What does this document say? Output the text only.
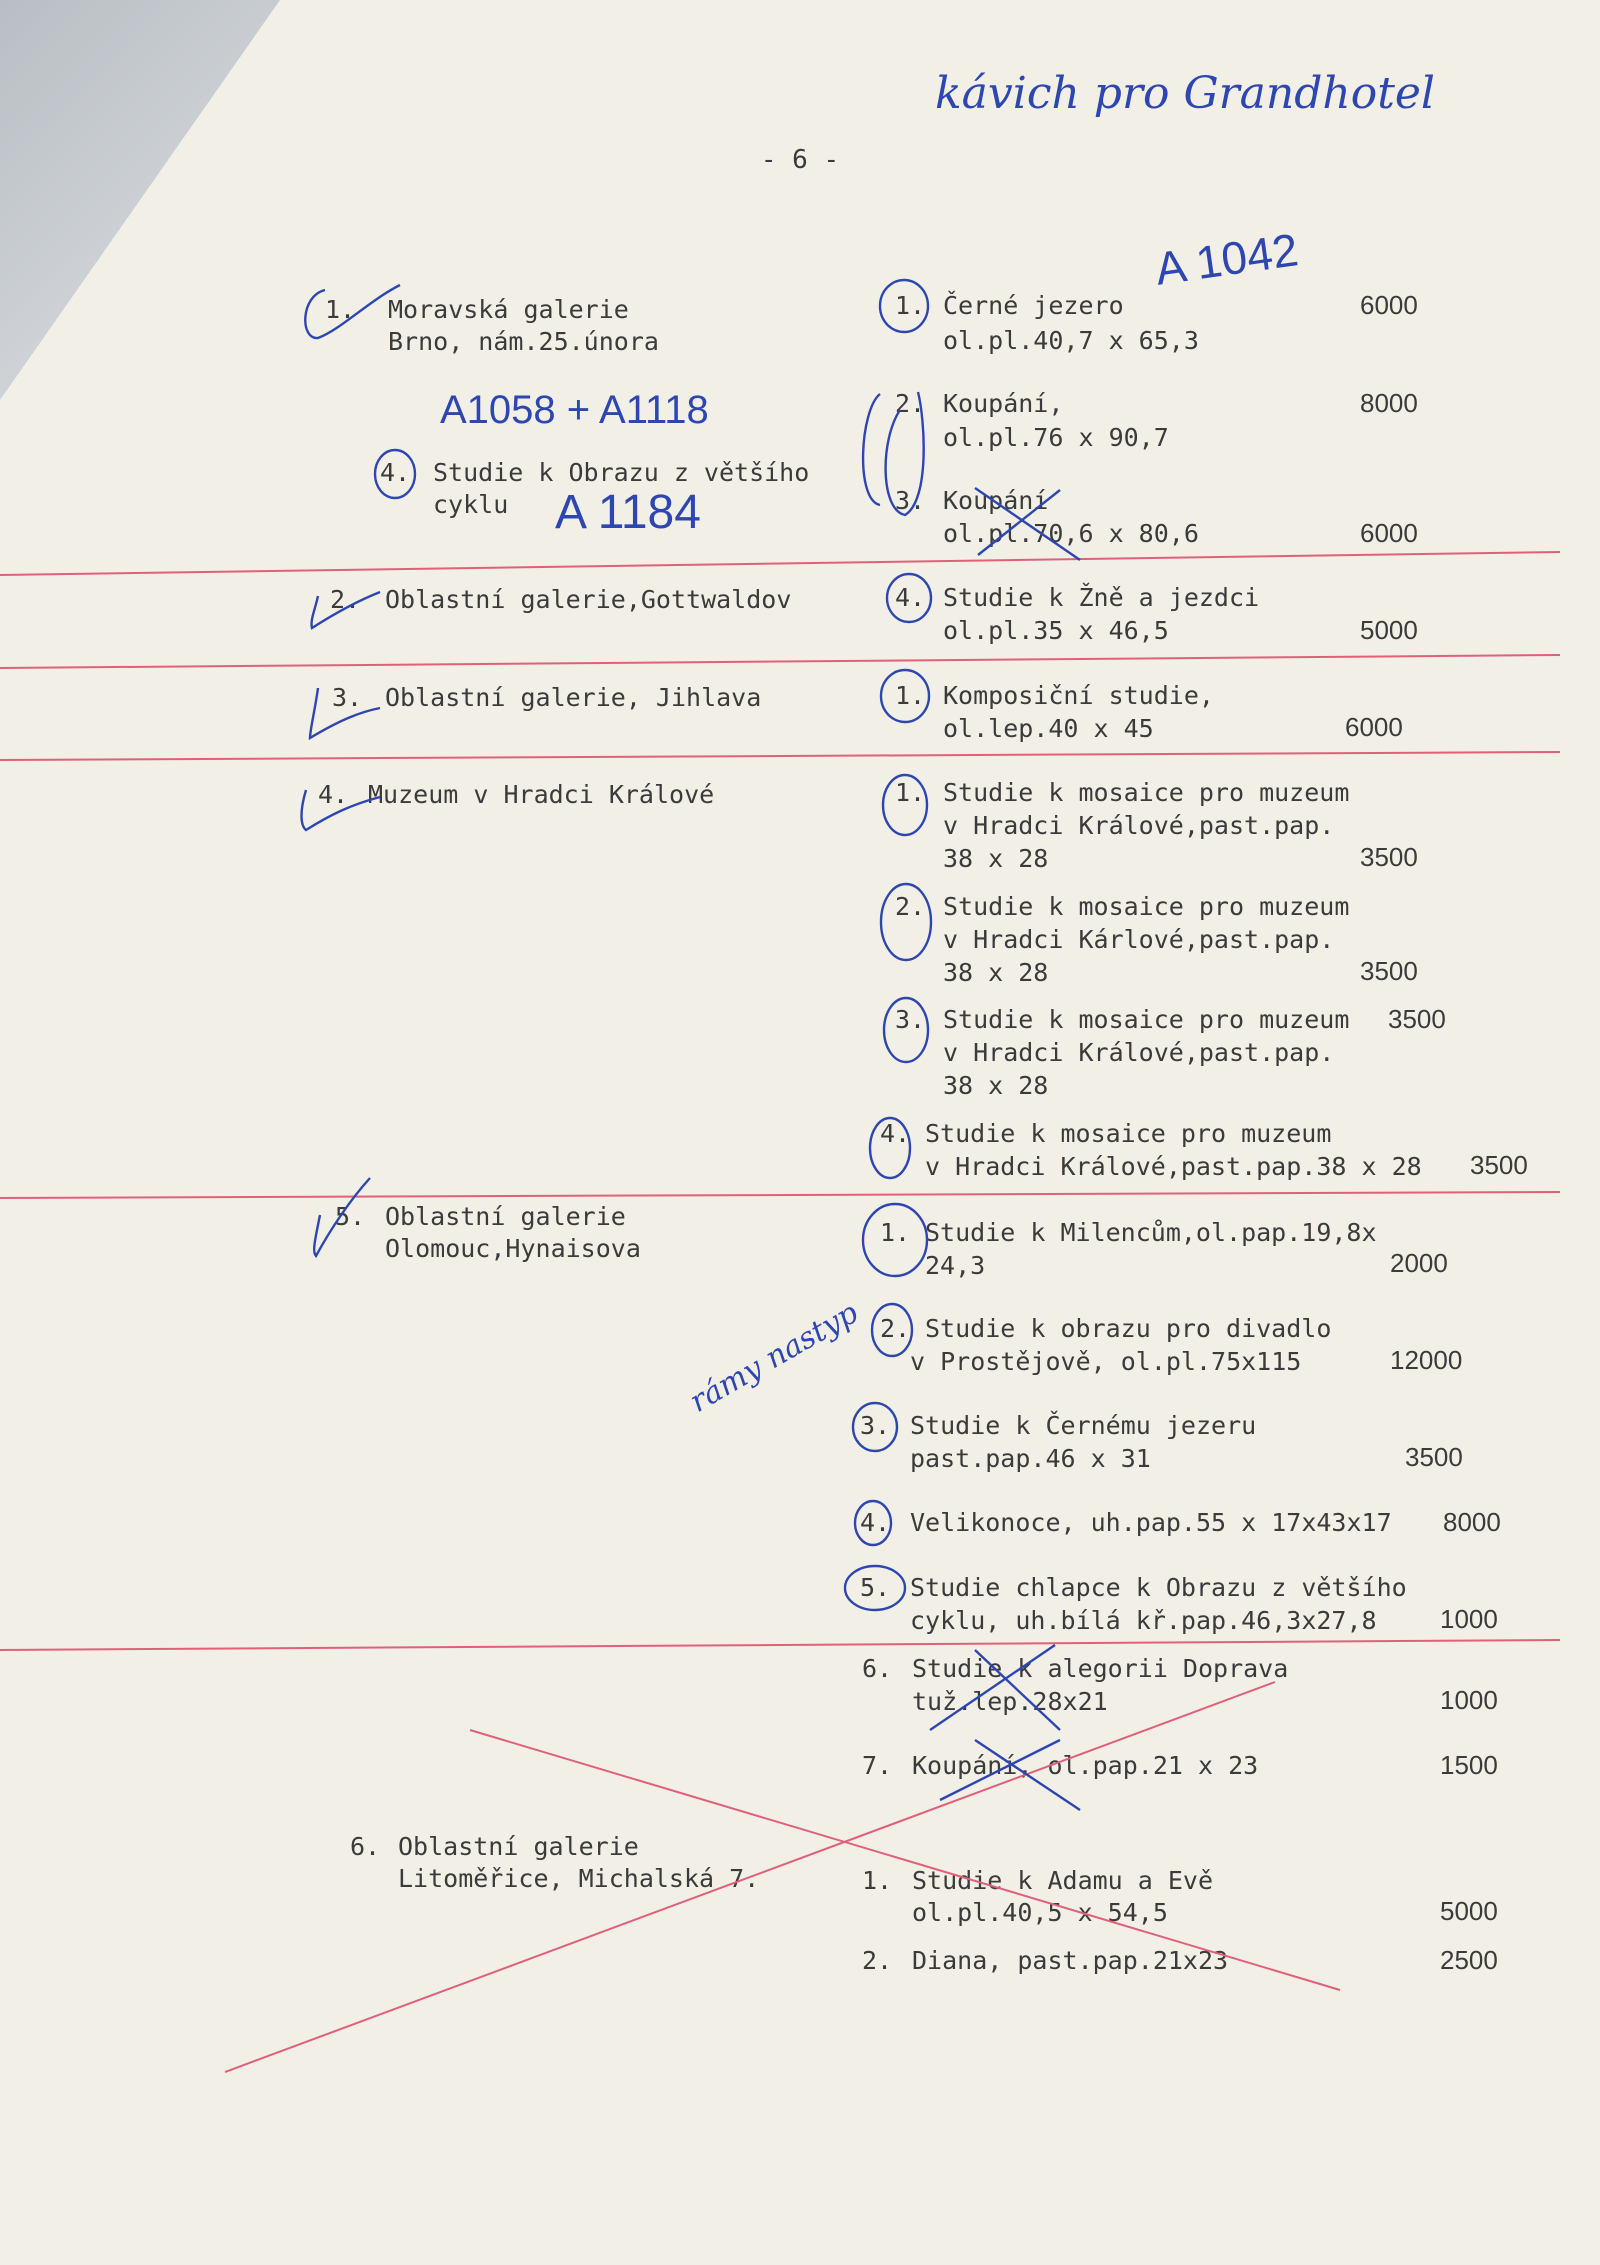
- 6 -
kávich pro Grandhotel
A 1042
A1058 + A1118
A 1184
rámy nastyp
1. Moravská galerie
Brno, nám.25.února
4. Studie k Obrazu z většího
cyklu
2. Oblastní galerie,Gottwaldov
3. Oblastní galerie, Jihlava
4. Muzeum v Hradci Králové
5. Oblastní galerie
Olomouc,Hynaisova
6. Oblastní galerie
Litoměřice, Michalská 7.
1. Černé jezero
ol.pl.40,7 x 65,3
6000
2. Koupání,
ol.pl.76 x 90,7
8000
3. Koupání
ol.pl.70,6 x 80,6	6000
4. Studie k Žně a jezdci
ol.pl.35 x 46,5	5000
1. Komposiční studie,
ol.lep.40 x 45	6000
1. Studie k mosaice pro muzeum
v Hradci Králové,past.pap.
38 x 28	3500
2. Studie k mosaice pro muzeum
v Hradci Kárlové,past.pap.
38 x 28	3500
3. Studie k mosaice pro muzeum
v Hradci Králové,past.pap.
38 x 28
3500
4. Studie k mosaice pro muzeum
v Hradci Králové,past.pap.38 x 28 3500
1. Studie k Milencům,ol.pap.19,8x
24,3	2000
2. Studie k obrazu pro divadlo
v Prostějově, ol.pl.75x115	12000
3. Studie k Černému jezeru
past.pap.46 x 31	3500
4. Velikonoce, uh.pap.55 x 17x43x17 8000
5. Studie chlapce k Obrazu z většího
cyklu, uh.bílá kř.pap.46,3x27,8 1000
6. Studie k alegorii Doprava
tuž.lep.28x21	1000
7. Koupání, ol.pap.21 x 23	1500
1. Studie k Adamu a Evě
ol.pl.40,5 x 54,5	5000
2. Diana, past.pap.21x23	2500
